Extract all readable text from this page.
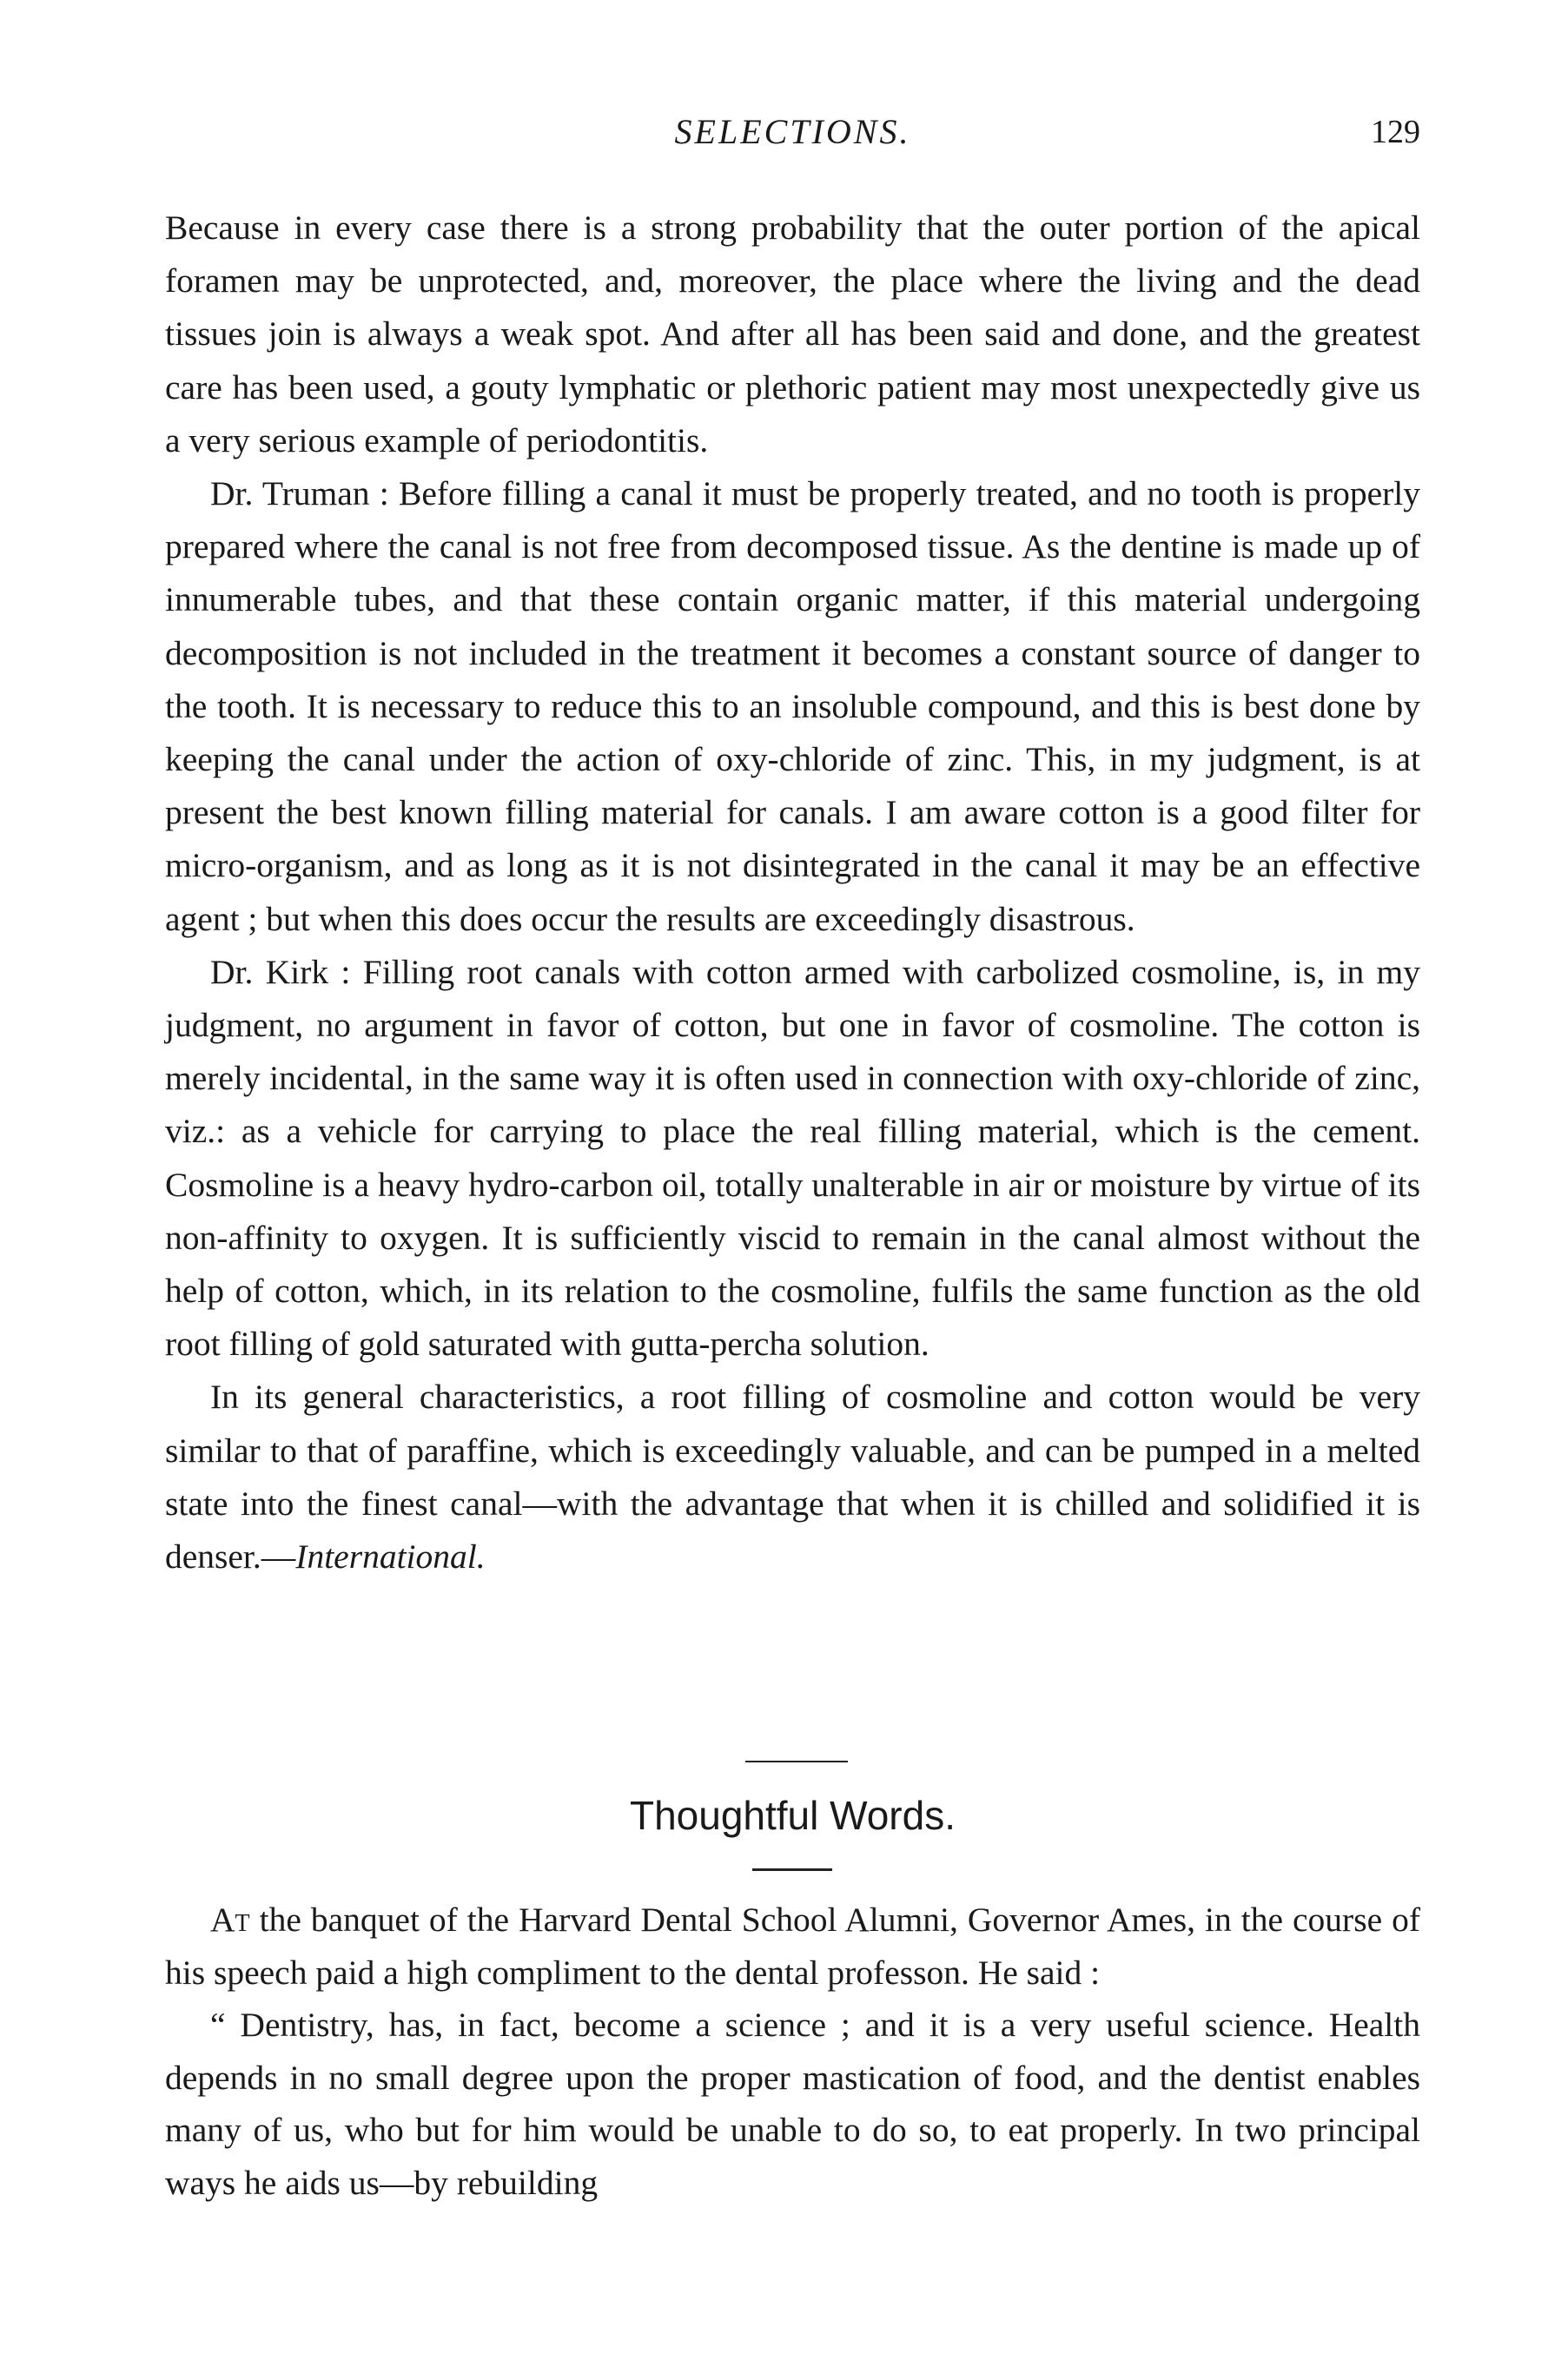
SELECTIONS.	129

Because in every case there is a strong probability that the outer portion of the apical foramen may be unprotected, and, moreover, the place where the living and the dead tissues join is always a weak spot. And after all has been said and done, and the greatest care has been used, a gouty lymphatic or plethoric patient may most unexpectedly give us a very serious example of periodontitis.

Dr. Truman : Before filling a canal it must be properly treated, and no tooth is properly prepared where the canal is not free from decomposed tissue. As the dentine is made up of innumerable tubes, and that these contain organic matter, if this material undergoing decomposition is not included in the treatment it becomes a constant source of danger to the tooth. It is necessary to reduce this to an insoluble compound, and this is best done by keeping the canal under the action of oxy-chloride of zinc. This, in my judgment, is at present the best known filling material for canals. I am aware cotton is a good filter for micro-organism, and as long as it is not disintegrated in the canal it may be an effective agent ; but when this does occur the results are exceedingly disastrous.

Dr. Kirk : Filling root canals with cotton armed with carbolized cosmoline, is, in my judgment, no argument in favor of cotton, but one in favor of cosmoline. The cotton is merely incidental, in the same way it is often used in connection with oxy-chloride of zinc, viz.: as a vehicle for carrying to place the real filling material, which is the cement. Cosmoline is a heavy hydro-carbon oil, totally unalterable in air or moisture by virtue of its non-affinity to oxygen. It is sufficiently viscid to remain in the canal almost without the help of cotton, which, in its relation to the cosmoline, fulfils the same function as the old root filling of gold saturated with gutta-percha solution.

In its general characteristics, a root filling of cosmoline and cotton would be very similar to that of paraffine, which is exceedingly valuable, and can be pumped in a melted state into the finest canal—with the advantage that when it is chilled and solidified it is denser.—International.

Thoughtful Words.

At the banquet of the Harvard Dental School Alumni, Governor Ames, in the course of his speech paid a high compliment to the dental professon. He said :

“ Dentistry, has, in fact, become a science ; and it is a very useful science. Health depends in no small degree upon the proper mastication of food, and the dentist enables many of us, who but for him would be unable to do so, to eat properly. In two principal ways he aids us—by rebuilding
